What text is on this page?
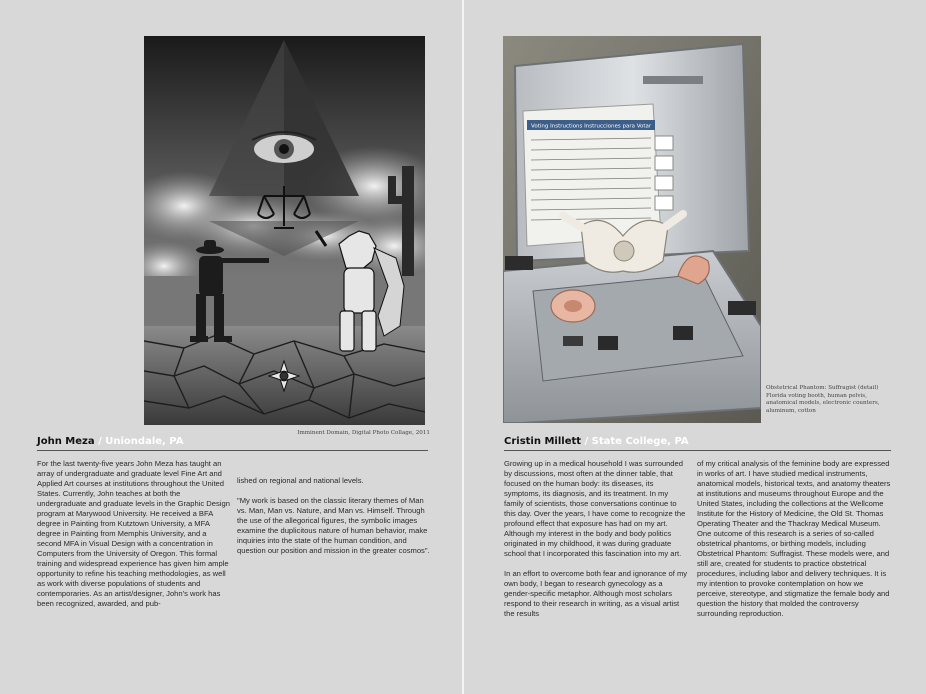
Imminent Domain, Digital Photo Collage, 2011
John Meza / Uniondale, PA

For the last twenty-five years John Meza has taught an array of undergraduate and graduate level Fine Art and Applied Art courses at institutions throughout the United States. Currently, John teaches at both the undergraduate and graduate levels in the Graphic Design program at Marywood University. He received a BFA degree in Painting from Kutztown University, a MFA degree in Painting from Memphis University, and a second MFA in Visual Design with a concentration in Computers from the University of Oregon. This formal training and widespread experience has given him ample opportunity to refine his teaching methodologies, as well as work with diverse populations of students and contemporaries. As an artist/designer, John's work has been recognized, awarded, and pub-

lished on regional and national levels.

"My work is based on the classic literary themes of Man vs. Man, Man vs. Nature, and Man vs. Himself. Through the use of the allegorical figures, the symbolic images examine the duplicitous nature of human behavior, make inquiries into the state of the human condition, and question our position and mission in the greater cosmos".

Voting Instructions Instrucciones para Votar
Obstetrical Phantom: Suffragist (detail) Florida voting booth, human pelvis, anatomical models, electronic counters, aluminum, cotton
Cristin Millett / State College, PA

Growing up in a medical household I was surrounded by discussions, most often at the dinner table, that focused on the human body: its diseases, its symptoms, its diagnosis, and its treatment. In my family of scientists, those conversations continue to this day. Over the years, I have come to recognize the profound effect that exposure has had on my art. Although my interest in the body and body politics originated in my childhood, it was during graduate school that I incorporated this fascination into my art.

In an effort to overcome both fear and ignorance of my own body, I began to research gynecology as a gender-specific metaphor. Although most scholars respond to their research in writing, as a visual artist the results

of my critical analysis of the feminine body are expressed in works of art. I have studied medical instruments, anatomical models, historical texts, and anatomy theaters at institutions and museums throughout Europe and the United States, including the collections at the Wellcome Institute for the History of Medicine, the Old St. Thomas Operating Theater and the Thackray Medical Museum. One outcome of this research is a series of so-called obstetrical phantoms, or birthing models, including Obstetrical Phantom: Suffragist. These models were, and still are, created for students to practice obstetrical procedures, including labor and delivery techniques. It is my intention to provoke contemplation on how we perceive, stereotype, and stigmatize the female body and question the history that molded the controversy surrounding reproduction.
